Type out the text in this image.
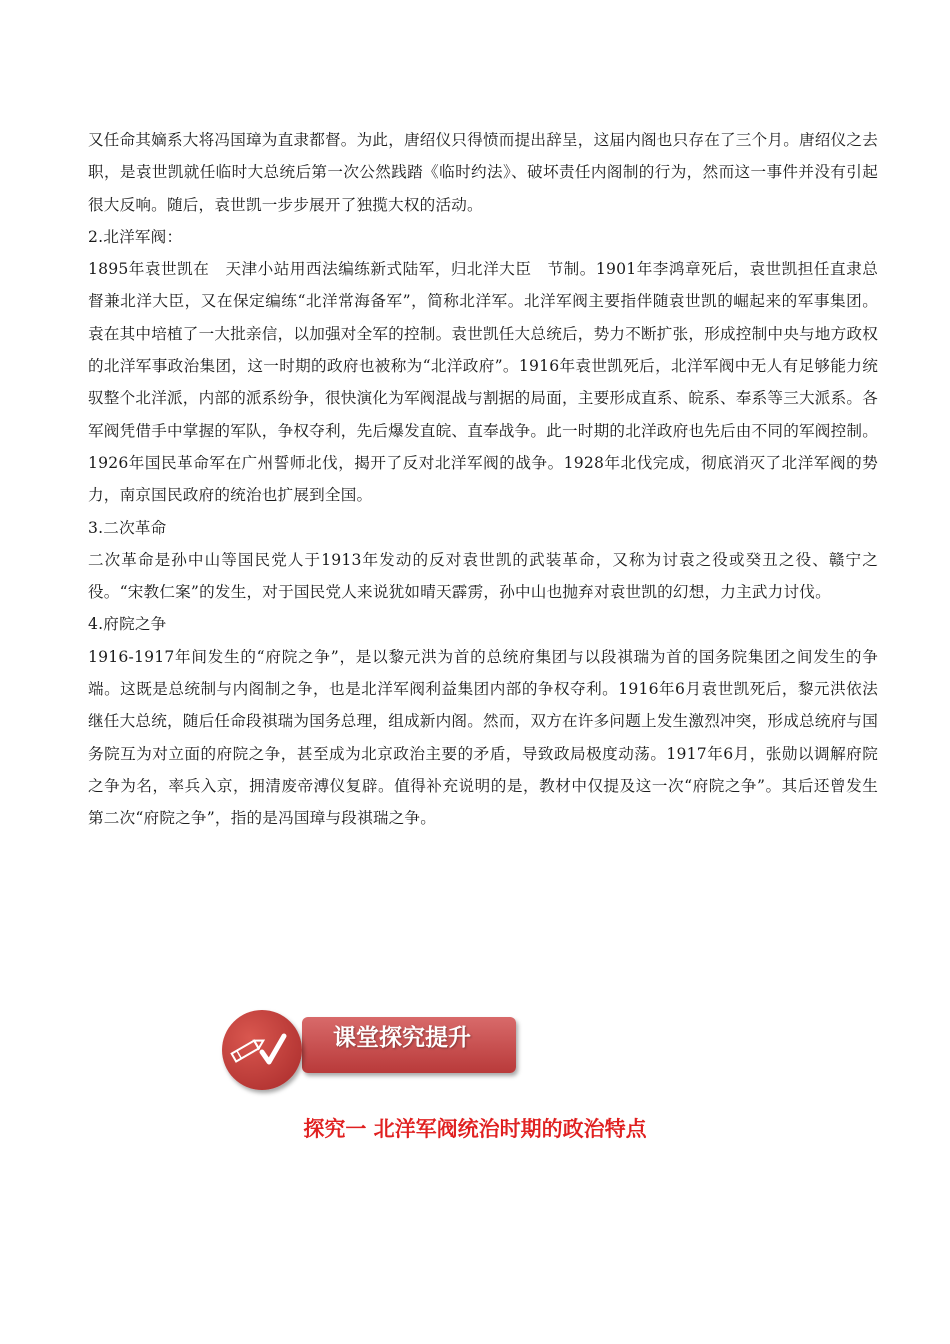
又任命其嫡系大将冯国璋为直隶都督。为此，唐绍仪只得愤而提出辞呈，这届内阁也只存在了三个月。唐绍仪之去职，是袁世凯就任临时大总统后第一次公然践踏《临时约法》、破坏责任内阁制的行为，然而这一事件并没有引起很大反响。随后，袁世凯一步步展开了独揽大权的活动。

2.北洋军阀：

1895年袁世凯在　天津小站用西法编练新式陆军，归北洋大臣　节制。1901年李鸿章死后，袁世凯担任直隶总督兼北洋大臣，又在保定编练“北洋常海备军”，简称北洋军。北洋军阀主要指伴随袁世凯的崛起来的军事集团。袁在其中培植了一大批亲信，以加强对全军的控制。袁世凯任大总统后，势力不断扩张，形成控制中央与地方政权的北洋军事政治集团，这一时期的政府也被称为“北洋政府”。1916年袁世凯死后，北洋军阀中无人有足够能力统驭整个北洋派，内部的派系纷争，很快演化为军阀混战与割据的局面，主要形成直系、皖系、奉系等三大派系。各军阀凭借手中掌握的军队，争权夺利，先后爆发直皖、直奉战争。此一时期的北洋政府也先后由不同的军阀控制。1926年国民革命军在广州誓师北伐，揭开了反对北洋军阀的战争。1928年北伐完成，彻底消灭了北洋军阀的势力，南京国民政府的统治也扩展到全国。

3.二次革命

二次革命是孙中山等国民党人于1913年发动的反对袁世凯的武装革命，又称为讨袁之役或癸丑之役、赣宁之役。“宋教仁案”的发生，对于国民党人来说犹如晴天霹雳，孙中山也抛弃对袁世凯的幻想，力主武力讨伐。

4.府院之争

1916-1917年间发生的“府院之争”，是以黎元洪为首的总统府集团与以段祺瑞为首的国务院集团之间发生的争端。这既是总统制与内阁制之争，也是北洋军阀利益集团内部的争权夺利。1916年6月袁世凯死后，黎元洪依法继任大总统，随后任命段祺瑞为国务总理，组成新内阁。然而，双方在许多问题上发生激烈冲突，形成总统府与国务院互为对立面的府院之争，甚至成为北京政治主要的矛盾，导致政局极度动荡。1917年6月，张勋以调解府院之争为名，率兵入京，拥清废帝溥仪复辟。值得补充说明的是，教材中仅提及这一次“府院之争”。其后还曾发生第二次“府院之争”，指的是冯国璋与段祺瑞之争。

课堂探究提升
探究一 北洋军阀统治时期的政治特点
